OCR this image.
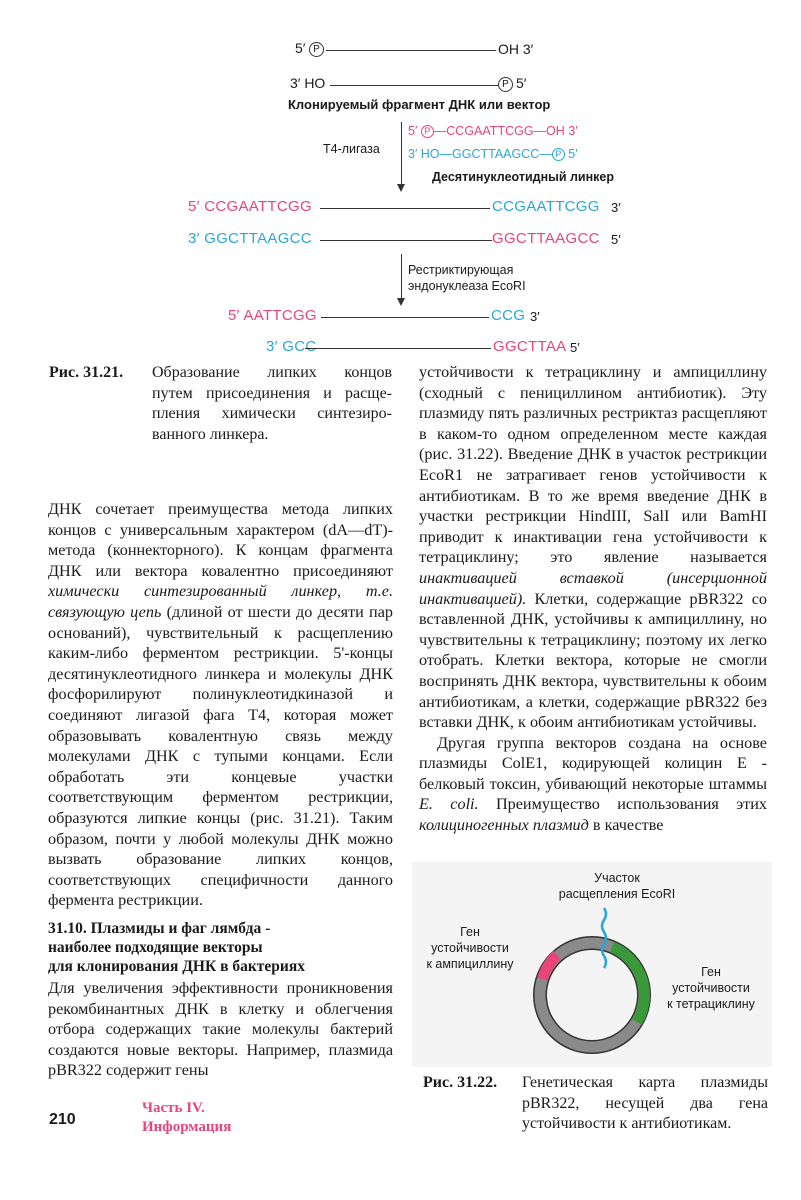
5′ P	OH 3′
3′ HO	P 5′
Клонируемый фрагмент ДНК или вектор
Т4-лигаза
5′ P —CCGAATTCGG—OH 3′
3′ HO—GGCTTAAGCC— P 5′
Десятинуклеотидный линкер
5′ CCGAATTCGG	CCGAATTCGG 3′
3′ GGCTTAAGCC	GGCTTAAGCC 5′
Рестриктирующая
эндонуклеаза EcoRI
5′ AATTCGG	CCG 3′
3′ GCC	GGCTTAA 5′
Рис. 31.21. Образование липких концов
путем присоединения и расще-
пления химически синтезиро-
ванного линкера.

ДНК сочетает преимущества метода липких концов с универсальным характером (dA—dT)-метода (коннекторного). К концам фрагмента ДНК или вектора ковалентно присоединяют химически синтезированный линкер, т.е. связующую цепь (длиной от шести до десяти пар оснований), чувствительный к расщеплению каким-либо ферментом рестрикции. 5'-концы десятинуклеотидного линкера и молекулы ДНК фосфорилируют полинуклеотидкиназой и соединяют лигазой фага Т4, которая может образовывать ковалентную связь между молекулами ДНК с тупыми концами. Если обработать эти концевые участки соответствующим ферментом рестрикции, образуются липкие концы (рис. 31.21). Таким образом, почти у любой молекулы ДНК можно вызвать образование липких концов, соответствующих специфичности данного фермента рестрикции.

31.10. Плазмиды и фаг лямбда -
наиболее подходящие векторы
для клонирования ДНК в бактериях

Для увеличения эффективности проникновения рекомбинантных ДНК в клетку и облегчения отбора содержащих такие молекулы бактерий создаются новые векторы. Например, плазмида pBR322 содержит гены

устойчивости к тетрациклину и ампициллину (сходный с пенициллином антибиотик). Эту плазмиду пять различных рестриктаз расщепляют в каком-то одном определенном месте каждая (рис. 31.22). Введение ДНК в участок рестрикции EcoR1 не затрагивает генов устойчивости к антибиотикам. В то же время введение ДНК в участки рестрикции HindIII, SalI или BamHI приводит к инактивации гена устойчивости к тетрациклину; это явление называется инактивацией вставкой (инсерционной инактивацией). Клетки, содержащие pBR322 со вставленной ДНК, устойчивы к ампициллину, но чувствительны к тетрациклину; поэтому их легко отобрать. Клетки вектора, которые не смогли воспринять ДНК вектора, чувствительны к обоим антибиотикам, а клетки, содержащие pBR322 без вставки ДНК, к обоим антибиотикам устойчивы.

Другая группа векторов создана на основе плазмиды ColE1, кодирующей колицин Е - белковый токсин, убивающий некоторые штаммы E. coli. Преимущество использования этих колициногенных плазмид в качестве

Участок
расщепления EcoRI
Ген
устойчивости
к ампициллину
Ген
устойчивости
к тетрациклину
Рис. 31.22. Генетическая карта плазмиды
pBR322, несущей два гена
устойчивости к антибиотикам.
210
Часть IV.
Информация
